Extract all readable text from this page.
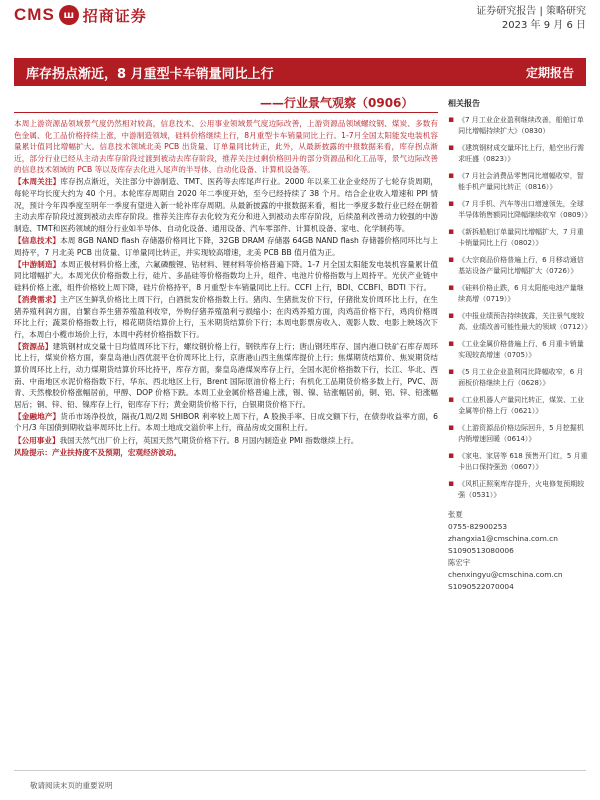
CMS ш 招商证券	证券研究报告 | 策略研究
2023 年 9 月 6 日
库存拐点渐近，8 月重型卡车销量同比上行	定期报告
——行业景气观察（0906）

本周上游资源品领域景气度仍然相对较高，信息技术、公用事业领域景气度边际改善，上游资源品领域螺纹钢、煤炭、多数有色金属、化工品价格持续上涨，中游制造领域，硅料价格继续上行，8月重型卡车销量同比上行。1-7月全国太阳能发电装机容量累计值同比增幅扩大。信息技术领域北美 PCB 出货量、订单量同比转正，此外，从最新披露的中报数据来看，库存拐点渐近，部分行业已经从主动去库存阶段过渡到被动去库存阶段，推荐关注过剩价格回升的部分资源品和化工品等，景气边际改善的信息技术领域的 PCB 等以及库存去化进入尾声的半导体、自动化设备、计算机设备等。

【本周关注】库存拐点渐近，关注部分中游制造、TMT、医药等去库尾声行业。2000 年以来工业企业经历了七轮存货周期，每轮平均长度大约为 40 个月。本轮库存周期自 2020 年二季度开始，至今已经持续了 38 个月。结合企业收入增速和 PPI 情况，预计今年四季度至明年一季度有望进入新一轮补库存周期。从最新披露的中报数据来看，相比一季度多数行业已经在朝着主动去库存阶段过渡到被动去库存阶段。推荐关注库存去化较为充分和进入到被动去库存阶段，后续盈利改善动力较强的中游制造、TMT和医药领域的细分行业如半导体、自动化设备、通用设备、汽车零部件、计算机设备、家电、化学制药等。

【信息技术】本周 8GB NAND flash 存储器价格同比下降，32GB DRAM 存储器 64GB NAND flash 存储器价格同环比与上周持平，7 月北美 PCB 出货量、订单量同比转正，并实现较高增速，北美 PCB BB 值月值为正。

【中游制造】本周正极材料价格上涨，六氟磷酸锂、钴材料、锂材料等价格普遍下降。1-7 月全国太阳能发电装机容量累计值同比增幅扩大。本周光伏价格指数上行，硅片、多晶硅等价格指数均上升，组件、电池片价格指数与上周持平。光伏产业链中硅料价格上涨，组件价格较上周下降，硅片价格持平，8 月重型卡车销量同比上行。CCFI 上行，BDI、CCBFI、BDTI 下行。

【消费需求】主产区生鲜乳价格比上周下行，白酒批发价格指数上行。猪肉、生猪批发价下行，仔猪批发价周环比上行，在生猪养殖利润方面，自繁自养生猪养殖盈利收窄，外购仔猪养殖盈利亏损缩小；在肉鸡养殖方面，肉鸡苗价格下行，鸡肉价格周环比上行；蔬菜价格指数上行，棉花期货结算价上行，玉米期货结算价下行；本周电影票房收入、观影人数、电影上映场次下行，本周白小榄市场价上行，本周中药材价格指数下行。

【资源品】建筑钢材成交量十日均值周环比下行，螺纹钢价格上行，钢铁库存上行；唐山钢坯库存、国内港口铁矿石库存周环比上行，煤炭价格方面，秦皇岛港山西优混平仓价周环比上行，京唐港山西主焦煤库提价上行；焦煤期货结算价、焦炭期货结算价周环比上行，动力煤期货结算价环比持平，库存方面，秦皇岛港煤炭库存上行，全国水泥价格指数下行，长江、华北、西南、中南地区水泥价格指数下行，华东、西北地区上行，Brent 国际原油价格上行；有机化工品期货价格多数上行，PVC、沥青、天然橡胶价格涨幅居前，甲醇、DOP 价格下跌。本周工业金属价格普遍上涨，锡、镍、钴涨幅居前，铜、铝、锌、铅涨幅居后；铜、锌、铅、镍库存上行，铝库存下行；黄金期货价格下行，白银期货价格下行。

【金融地产】货币市场净投放，隔夜/1周/2周 SHIBOR 利率较上周下行，A 股换手率、日成交额下行，在债券收益率方面，6 个月/3 年国债到期收益率周环比上行。本周土地成交溢价率上行，商品房成交面积上行。

【公用事业】我国天然气出厂价上行，英国天然气期货价格下行。8 月国内制造业 PMI 指数继续上行。

风险提示：产业扶持度不及预期，宏观经济波动。

相关报告
▪ 《7 月工业企业盈利继续改善，船舶订单同比增幅持续扩大》（0830）
▪ 《建筑钢材成交量环比上行，船空出行需求旺盛（0823）》
▪ 《7 月社会消费品零售同比增幅收窄，智能手机产量同比转正（0816）》
▪ 《7 月手机、汽车等出口增速领先，全球半导体销售额同比降幅继续收窄（0809）》
▪ 《新拆船舶订单量同比增幅扩大，7 月重卡销量同比上行（0802）》
▪ 《大宗商品价格普遍上行，6 月移动通信基站设备产量同比增幅扩大（0726）》
▪ 《硅料价格止跌，6 月太阳能电池产量继续高增（0719）》
▪ 《中报业绩预告持续披露，关注景气度较高、业绩改善可能性最大的领域（0712）》
▪ 《工业金属价格普遍上行，6 月重卡销量实现较高增速（0705）》
▪ 《5 月工业企业盈利同比降幅收窄，6 月面板价格继续上行（0628）》
▪ 《工业机器人产量同比转正，煤炭、工业金属等价格上行（0621）》
▪ 《上游资源品价格边际回升，5 月挖掘机内销增速回暖（0614）》
▪ 《家电、家居等 618 预售开门红，5 月重卡出口保持强劲（0607）》
▪ 《风机正照案库存提升，火电修复预期较强（0531）》
张夏
0755-82900253
zhangxia1@cmschina.com.cn
S1090513080006
陈宏宇
chenxingyu@cmschina.com.cn
S1090522070004
敬请阅读末页的重要说明
